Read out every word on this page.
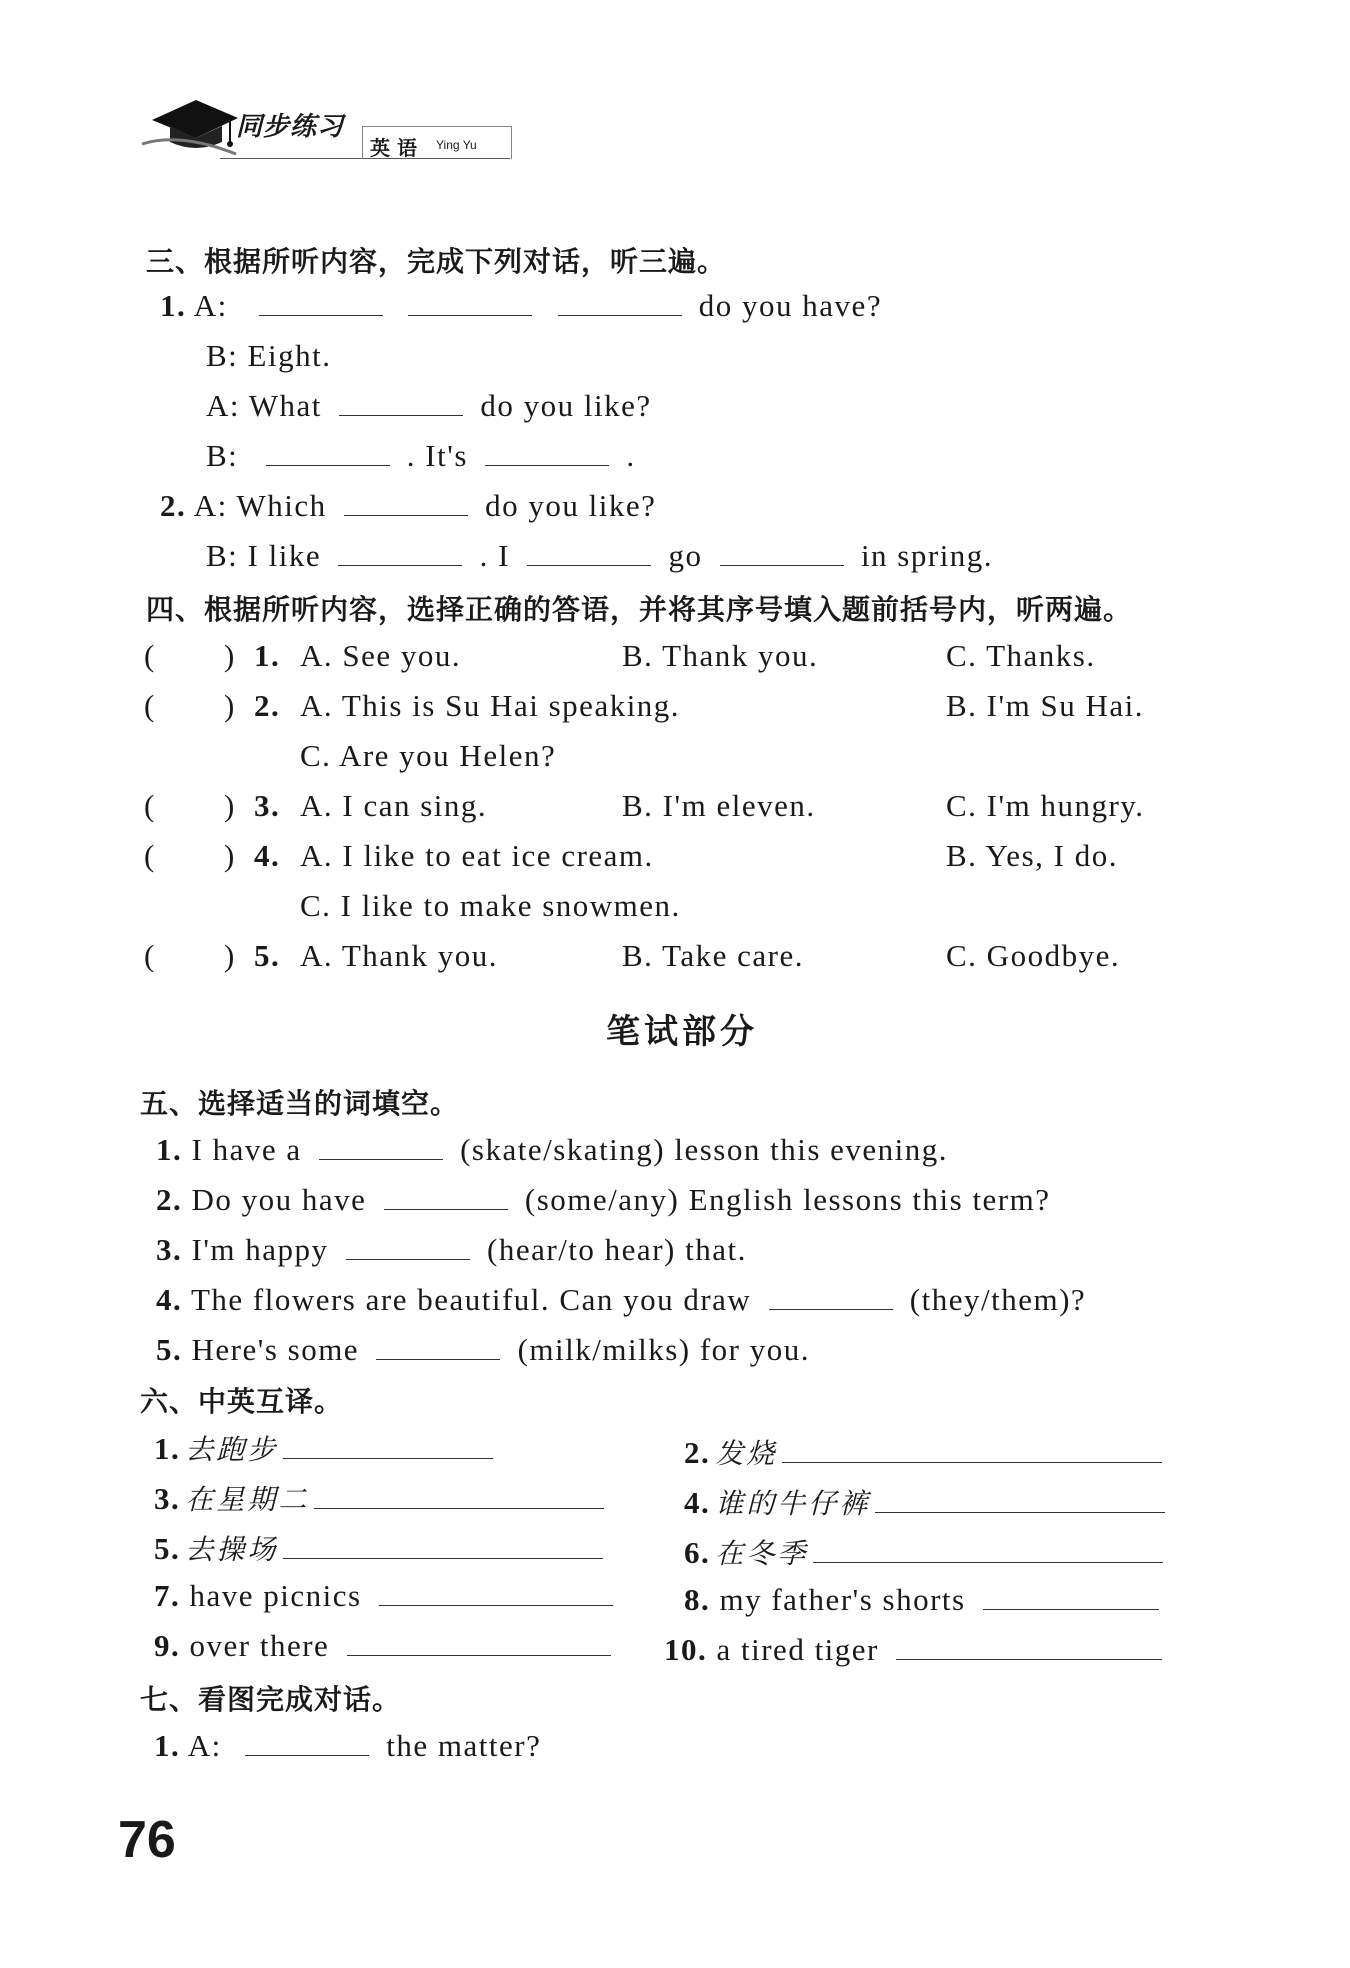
同步练习
英 语 Ying Yu
三、根据所听内容，完成下列对话，听三遍。
1. A:	do you have?
B: Eight.
A: What	do you like?
B:	. It's	.
2. A: Which	do you like?
B: I like	. I	go	in spring.
四、根据所听内容，选择正确的答语，并将其序号填入题前括号内，听两遍。
( ) 1. A. See you.	B. Thank you.	C. Thanks.
( ) 2. A. This is Su Hai speaking.	B. I'm Su Hai.
C. Are you Helen?
( ) 3. A. I can sing.	B. I'm eleven.	C. I'm hungry.
( ) 4. A. I like to eat ice cream.	B. Yes, I do.
C. I like to make snowmen.
( ) 5. A. Thank you.	B. Take care.	C. Goodbye.
笔试部分
五、选择适当的词填空。
1. I have a	(skate/skating) lesson this evening.
2. Do you have	(some/any) English lessons this term?
3. I'm happy	(hear/to hear) that.
4. The flowers are beautiful. Can you draw	(they/them)?
5. Here's some	(milk/milks) for you.
六、中英互译。
1. 去跑步	2. 发烧
3. 在星期二	4. 谁的牛仔裤
5. 去操场	6. 在冬季
7. have picnics	8. my father's shorts
9. over there	10. a tired tiger
七、看图完成对话。
1. A:	the matter?
76
